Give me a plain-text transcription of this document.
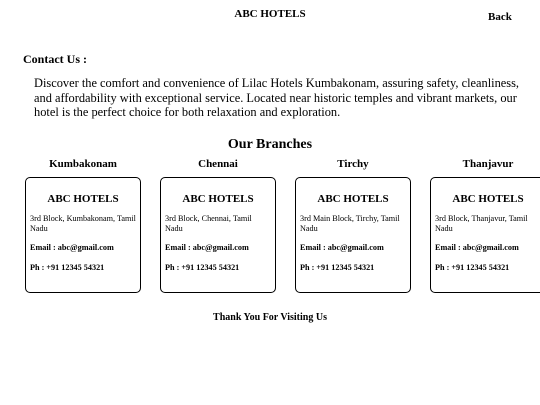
ABC HOTELS	Back
Contact Us :

Discover the comfort and convenience of Lilac Hotels Kumbakonam, assuring safety, cleanliness, and affordability with exceptional service. Located near historic temples and vibrant markets, our hotel is the perfect choice for both relaxation and exploration.

Our Branches
Kumbakonam
ABC HOTELS
3rd Block, Kumbakonam, Tamil Nadu
Email : abc@gmail.com
Ph : +91 12345 54321
Chennai
ABC HOTELS
3rd Block, Chennai, Tamil Nadu
Email : abc@gmail.com
Ph : +91 12345 54321
Tirchy
ABC HOTELS
3rd Main Block, Tirchy, Tamil Nadu
Email : abc@gmail.com
Ph : +91 12345 54321
Thanjavur
ABC HOTELS
3rd Block, Thanjavur, Tamil Nadu
Email : abc@gmail.com
Ph : +91 12345 54321
Thank You For Visiting Us
